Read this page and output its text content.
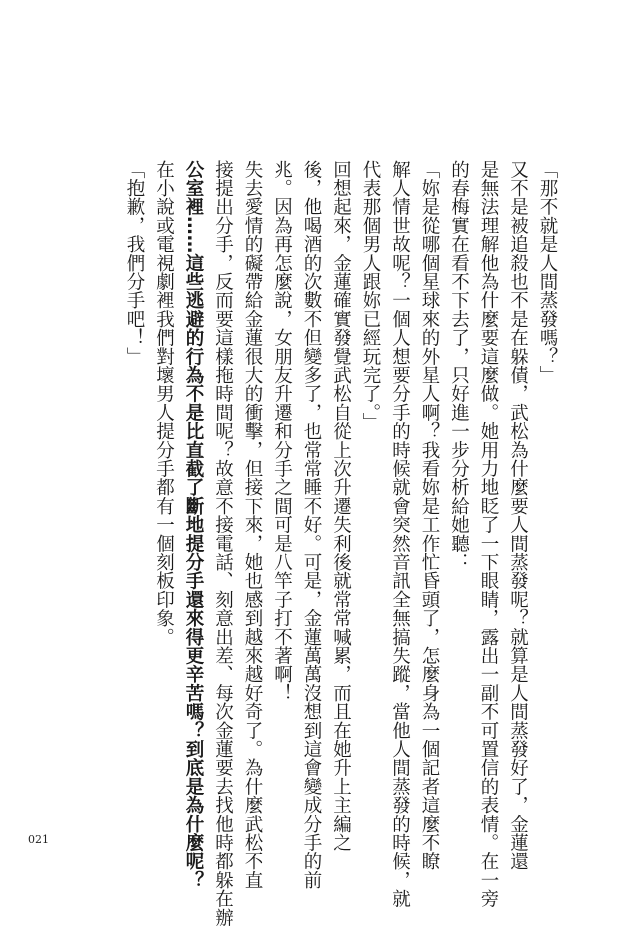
「那不就是人間蒸發嗎？」
又不是被追殺也不是在躲債，武松為什麼要人間蒸發呢？就算是人間蒸發好了，金蓮還
是無法理解他為什麼要這麼做。她用力地眨了一下眼睛，露出一副不可置信的表情。在一旁
的春梅實在看不下去了，只好進一步分析給她聽：
「妳是從哪個星球來的外星人啊？我看妳是工作忙昏頭了，怎麼身為一個記者這麼不瞭
解人情世故呢？一個人想要分手的時候就會突然音訊全無搞失蹤，當他人間蒸發的時候，就
代表那個男人跟妳已經玩完了。」
回想起來，金蓮確實發覺武松自從上次升遷失利後就常常喊累，而且在她升上主編之
後，他喝酒的次數不但變多了，也常常睡不好。可是，金蓮萬萬沒想到這會變成分手的前
兆。因為再怎麼說，女朋友升遷和分手之間可是八竿子打不著啊！
失去愛情的礙帶給金蓮很大的衝擊，但接下來，她也感到越來越好奇了。為什麼武松不直
接提出分手，反而要這樣拖時間呢？故意不接電話、刻意出差、每次金蓮要去找他時都躲在辦
公室裡……這些逃避的行為不是比直截了斷地提分手還來得更辛苦嗎？到底是為什麼呢？
在小說或電視劇裡我們對壞男人提分手都有一個刻板印象。
「抱歉，我們分手吧！」
021
